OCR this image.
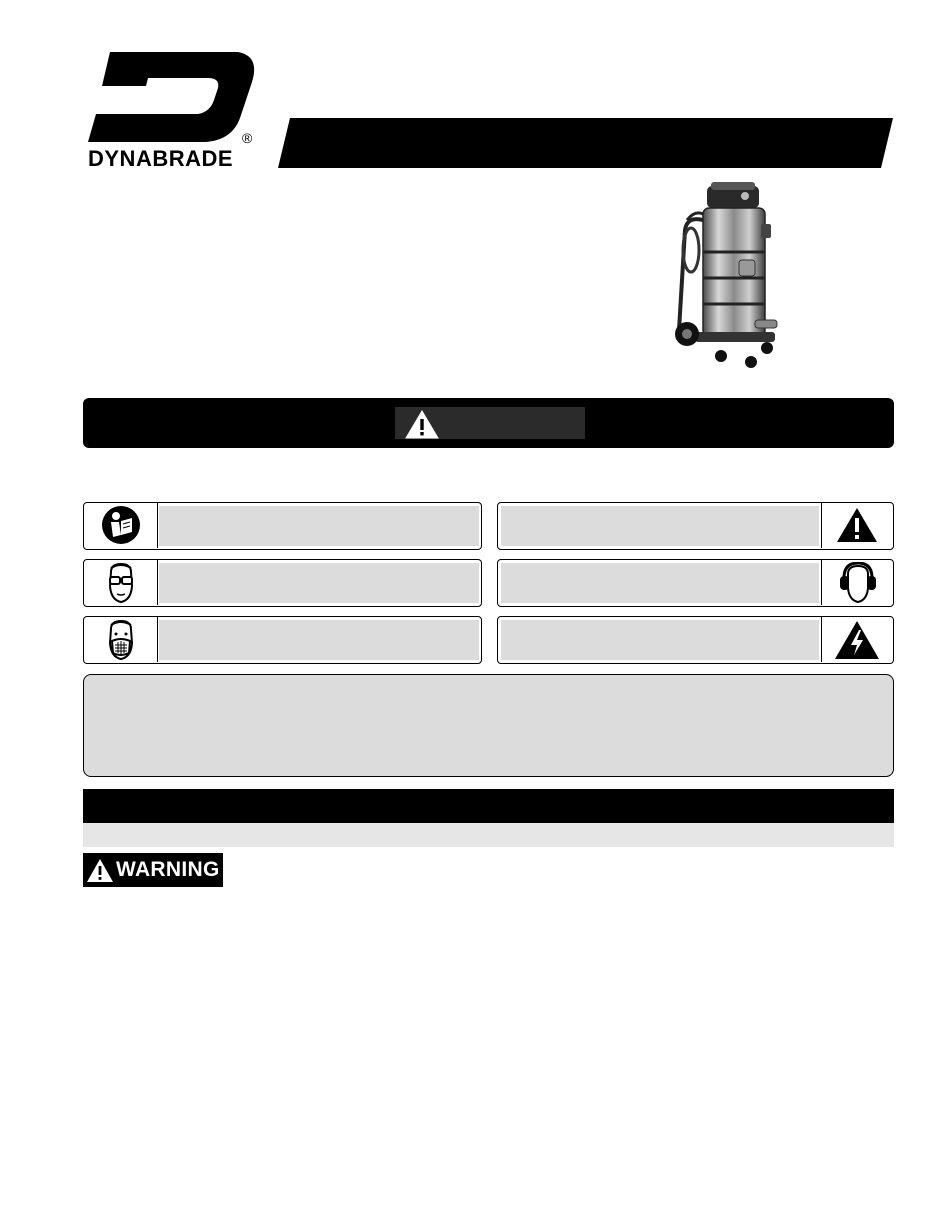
DYNABRADE
®
WARNING
